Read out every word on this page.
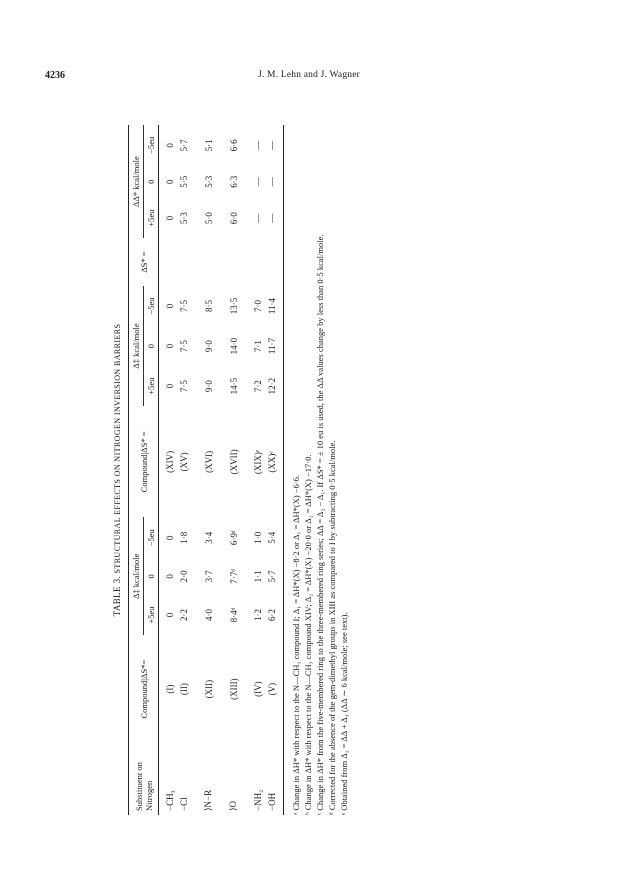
4236	J. M. Lehn and J. Wagner
TABLE 3. STRUCTURAL EFFECTS ON NITROGEN INVERSION BARRIERS
Substituent on Nitrogen	Compound|ΔS*=	Δ‡ kcal/mole			Compound|ΔS* =	Δ‡ kcal/mole			ΔS* =	ΔΔ* kcal/mole		
		+5eu	0	−5eu		+5eu	0	−5eu		+5eu	0	−5eu

−CH₃	(I)	0	0	0	(XIV)	0	0	0		0	0	0
−Cl	(II)	2·2	2·0	1·8	(XV)	7·5	7·5	7·5		5·3	5·5	5·7

⟩N−R	(XII)	4·0	3·7	3·4	(XVI)	9·0	9·0	8·5		5·0	5·3	5·1

⟩O	(XIII)	8·4ᵈ	7·7ᵈ	6·9ᵈ	(XVII)	14·5	14·0	13·5		6·0	6·3	6·6

−NH₂	(IV)	1·2	1·1	1·0	(XIX)ᵉ	7·2	7·1	7·0		—	—	—
−OH	(V)	6·2	5·7	5·4	(XX)ᵉ	12·2	11·7	11·4		—	—	—

ᵃ Change in ΔH* with respect to the N—CH₃ compound I; Δ₁ = ΔH*(X) −8·2 or Δ₁ = ΔH*(X) −6·6. ᵇ Change in ΔH* with respect to the N—CH₃ compound XIV; Δ₂ = ΔH*(X) −20·0 or Δ₂ = ΔH*(X) −17·0. ᶜ Change in ΔH* from the five-membered ring to the three-membered ring series; ΔΔ = Δ₂ − Δ₁. If ΔS* = ± 10 eu is used, the ΔΔ values change by less than 0·5 kcal/mole. ᵈ Corrected for the absence of the gem-dimethyl groups in XIII as compared to I by subtracting 0·5 kcal/mole. ᵉ Obtained from Δ₂ = ΔΔ + Δ₁ (ΔΔ ∼ 6 kcal/mole; see text).
